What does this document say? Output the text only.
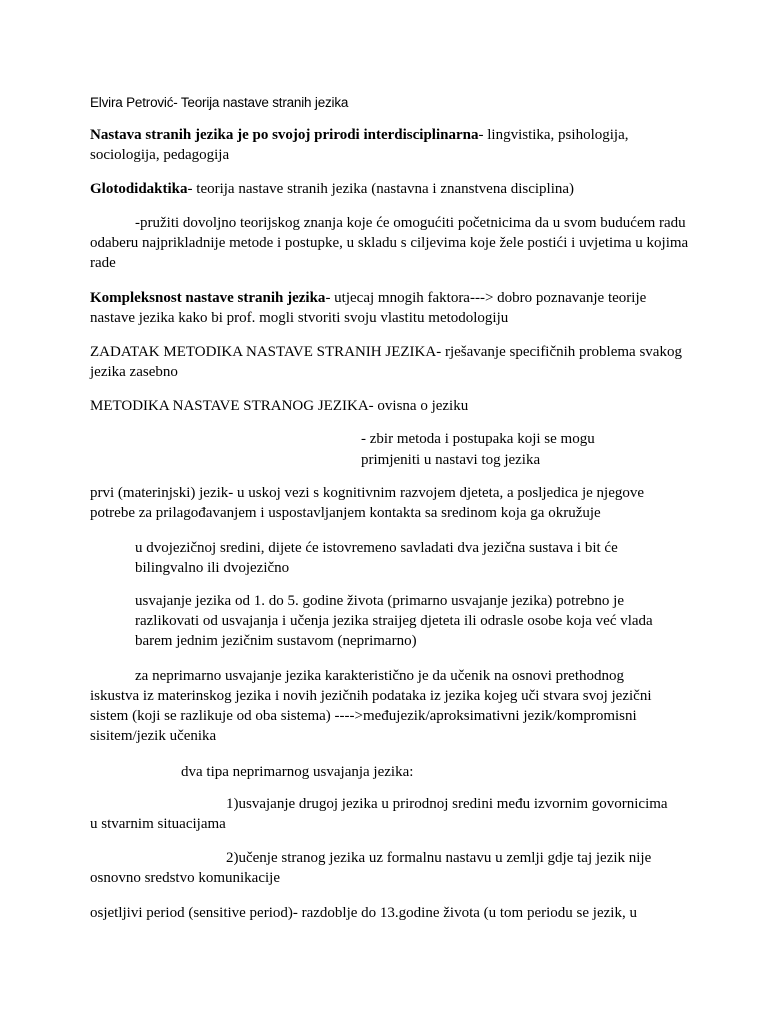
Elvira Petrović- Teorija nastave stranih jezika

Nastava stranih jezika je po svojoj prirodi interdisciplinarna- lingvistika, psihologija, sociologija, pedagogija

Glotodidaktika- teorija nastave stranih jezika (nastavna i znanstvena disciplina)

-pružiti dovoljno teorijskog znanja koje će omogućiti početnicima da u svom budućem radu odaberu najprikladnije metode i postupke, u skladu s ciljevima koje žele postići i uvjetima u kojima rade

Kompleksnost nastave stranih jezika- utjecaj mnogih faktora---> dobro poznavanje teorije nastave jezika kako bi prof. mogli stvoriti svoju vlastitu metodologiju

ZADATAK METODIKA NASTAVE STRANIH JEZIKA- rješavanje specifičnih problema svakog jezika zasebno

METODIKA NASTAVE STRANOG JEZIKA- ovisna o jeziku

- zbir metoda i postupaka koji se mogu

primjeniti u nastavi tog jezika

prvi (materinjski) jezik- u uskoj vezi s kognitivnim razvojem djeteta, a posljedica je njegove potrebe za prilagođavanjem i uspostavljanjem kontakta sa sredinom koja ga okružuje

u dvojezičnoj sredini, dijete će istovremeno savladati dva jezična sustava i bit će bilingvalno ili dvojezično

usvajanje jezika od 1. do 5. godine života (primarno usvajanje jezika) potrebno je razlikovati od usvajanja i učenja jezika straijeg djeteta ili odrasle osobe koja već vlada barem jednim jezičnim sustavom (neprimarno)

za neprimarno usvajanje jezika karakteristično je da učenik na osnovi prethodnog iskustva iz materinskog jezika i novih jezičnih podataka iz jezika kojeg uči stvara svoj jezični sistem (koji se razlikuje od oba sistema) ---->međujezik/aproksimativni jezik/kompromisni sisitem/jezik učenika

dva tipa neprimarnog usvajanja jezika:

1)usvajanje drugoj jezika u prirodnoj sredini među izvornim govornicima u stvarnim situacijama

2)učenje stranog jezika uz formalnu nastavu u zemlji gdje taj jezik nije osnovno sredstvo komunikacije

osjetljivi period (sensitive period)- razdoblje do 13.godine života (u tom periodu se jezik, u
